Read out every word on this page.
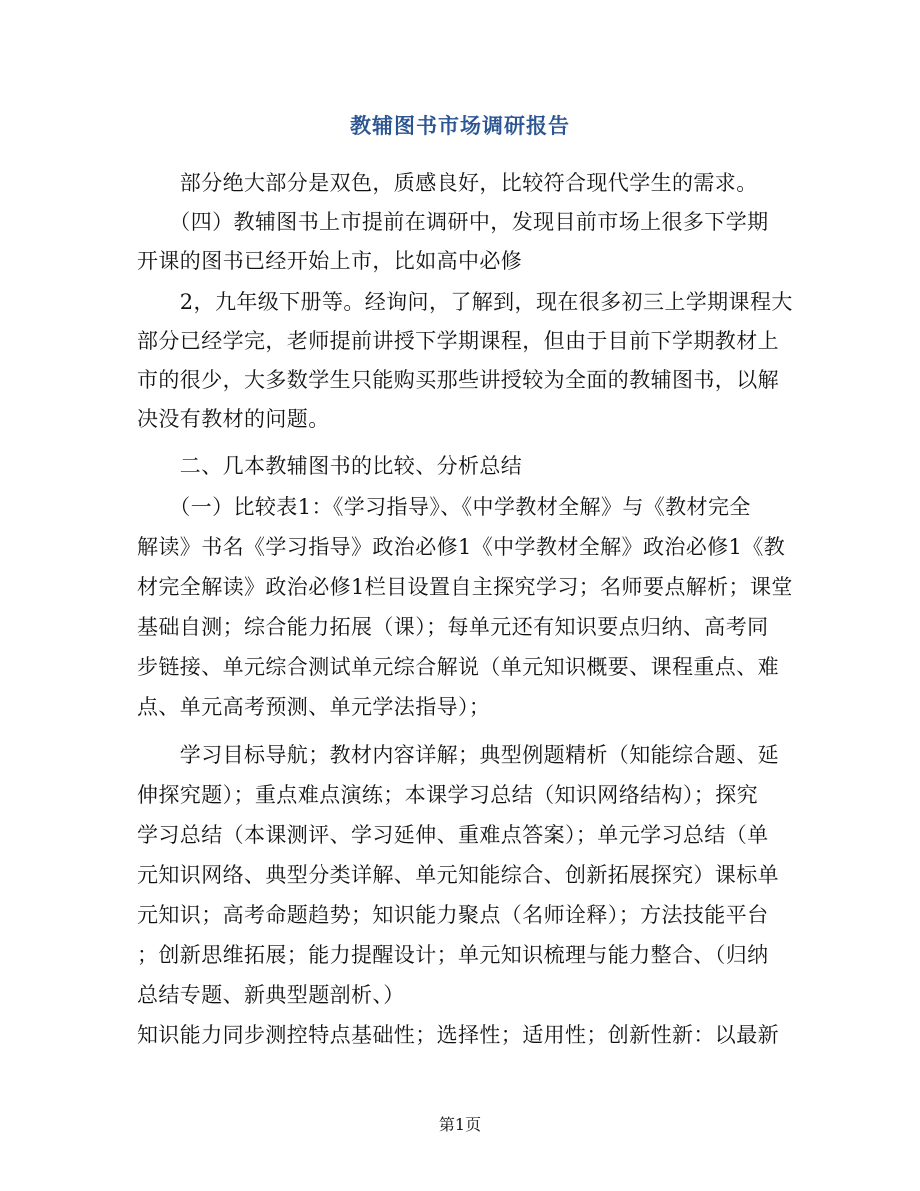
教辅图书市场调研报告
　　部分绝大部分是双色，质感良好，比较符合现代学生的需求。
　　（四）教辅图书上市提前在调研中，发现目前市场上很多下学期
开课的图书已经开始上市，比如高中必修
　　2，九年级下册等。经询问，了解到，现在很多初三上学期课程大
部分已经学完，老师提前讲授下学期课程，但由于目前下学期教材上
市的很少，大多数学生只能购买那些讲授较为全面的教辅图书，以解
决没有教材的问题。
　　二、几本教辅图书的比较、分析总结
　　（一）比较表1：《学习指导》、《中学教材全解》与《教材完全
解读》书名《学习指导》政治必修1《中学教材全解》政治必修1《教
材完全解读》政治必修1栏目设置自主探究学习；名师要点解析；课堂
基础自测；综合能力拓展（课）；每单元还有知识要点归纳、高考同
步链接、单元综合测试单元综合解说（单元知识概要、课程重点、难
点、单元高考预测、单元学法指导）；
　　学习目标导航；教材内容详解；典型例题精析（知能综合题、延
伸探究题）；重点难点演练；本课学习总结（知识网络结构）；探究
学习总结（本课测评、学习延伸、重难点答案）；单元学习总结（单
元知识网络、典型分类详解、单元知能综合、创新拓展探究）课标单
元知识；高考命题趋势；知识能力聚点（名师诠释）；方法技能平台
；创新思维拓展；能力提醒设计；单元知识梳理与能力整合、（归纳
总结专题、新典型题剖析、）
知识能力同步测控特点基础性；选择性；适用性；创新性新：以最新
第1页
